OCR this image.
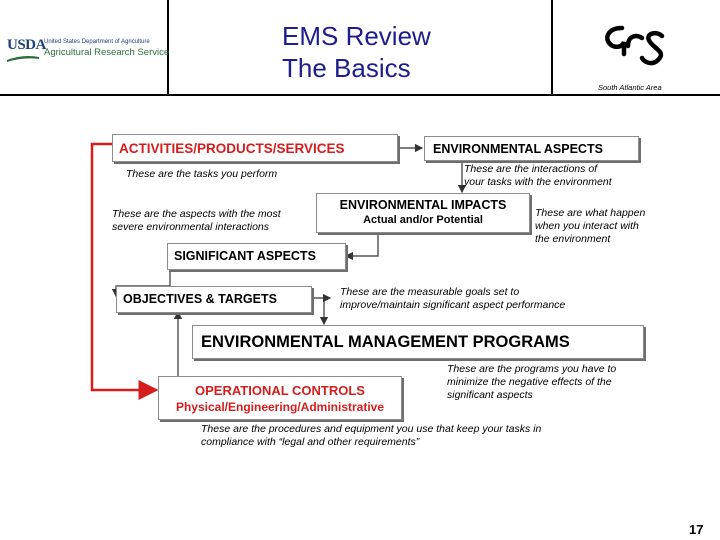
USDA
United States Department of Agriculture
Agricultural Research Service
EMS Review
The Basics
South Atlantic Area
ACTIVITIES/PRODUCTS/SERVICES	ENVIRONMENTAL ASPECTS
ENVIRONMENTAL IMPACTS
Actual and/or Potential
SIGNIFICANT ASPECTS
OBJECTIVES & TARGETS
ENVIRONMENTAL MANAGEMENT PROGRAMS
OPERATIONAL CONTROLS
Physical/Engineering/Administrative
These are the tasks you perform	These are the interactions of
your tasks with the environment
These are the aspects with the most
severe environmental interactions
These are what happen
when you interact with
the environment
These are the measurable goals set to
improve/maintain significant aspect performance
These are the programs you have to
minimize the negative effects of the
significant aspects
These are the procedures and equipment you use that keep your tasks in
compliance with “legal and other requirements”
17
